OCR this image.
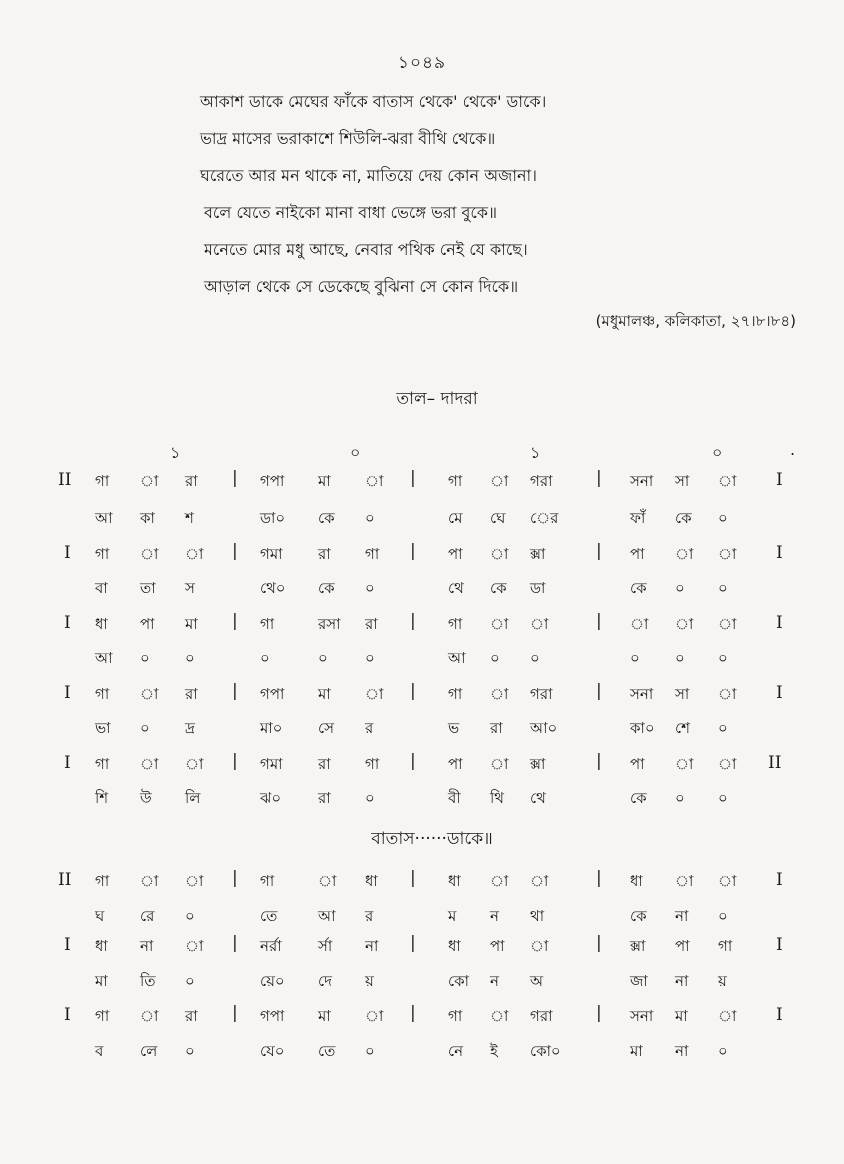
১০৪৯
আকাশ ডাকে মেঘের ফাঁকে বাতাস থেকে' থেকে' ডাকে।
ভাদ্র মাসের ভরাকাশে শিউলি-ঝরা বীথি থেকে॥
ঘরেতে আর মন থাকে না, মাতিয়ে দেয় কোন অজানা।
বলে যেতে নাইকো মানা বাধা ভেঙ্গে ভরা বুকে॥
মনেতে মোর মধু আছে, নেবার পথিক নেই যে কাছে।
আড়াল থেকে সে ডেকেছে বুঝিনা সে কোন দিকে॥
(মধুমালঞ্চ, কলিকাতা, ২৭।৮।৮৪)
তাল– দাদরা
১	০	১	০	.
II গা া রা | গপা মা া | গা া গরা	| সনা সা া I
আ কা শ	ডা০ কে ০	মে ঘে ের	ফাঁ কে ০
I গা া া | গমা রা গা | পা া ক্সা	| পা া া I
বা তা স	থে০ কে ০	থে কে ডা	কে ০ ০
I ধা পা মা | গা	রসা রা | গা া া	| া া া I
আ ০ ০	০	০ ০	আ ০ ০	০ ০ ০
I গা া রা | গপা মা া | গা া গরা	| সনা সা া I
ভা ০ দ্র	মা০ সে র	ভ রা আ০	কা০ শে ০
I গা া া | গমা রা গা | পা া ক্সা	| পা া া II
শি উ লি	ঝ০ রা ০	বী থি থে	কে ০ ০
II গা া া | গা	া ধা | ধা া া	| ধা া া I
ঘ রে ০	তে	আ র	ম ন থা	কে না ০
I ধা না া | নর্রা র্সা না | ধা পা া	| ক্সা পা গা	I
মা তি ০	য়ে০ দে য়	কো ন অ	জা না য়
I গা া রা | গপা মা া | গা া গরা	| সনা মা া I
ব লে ০	যে০ তে ০	নে ই কো০	মা না ০
বাতাস······ডাকে॥
